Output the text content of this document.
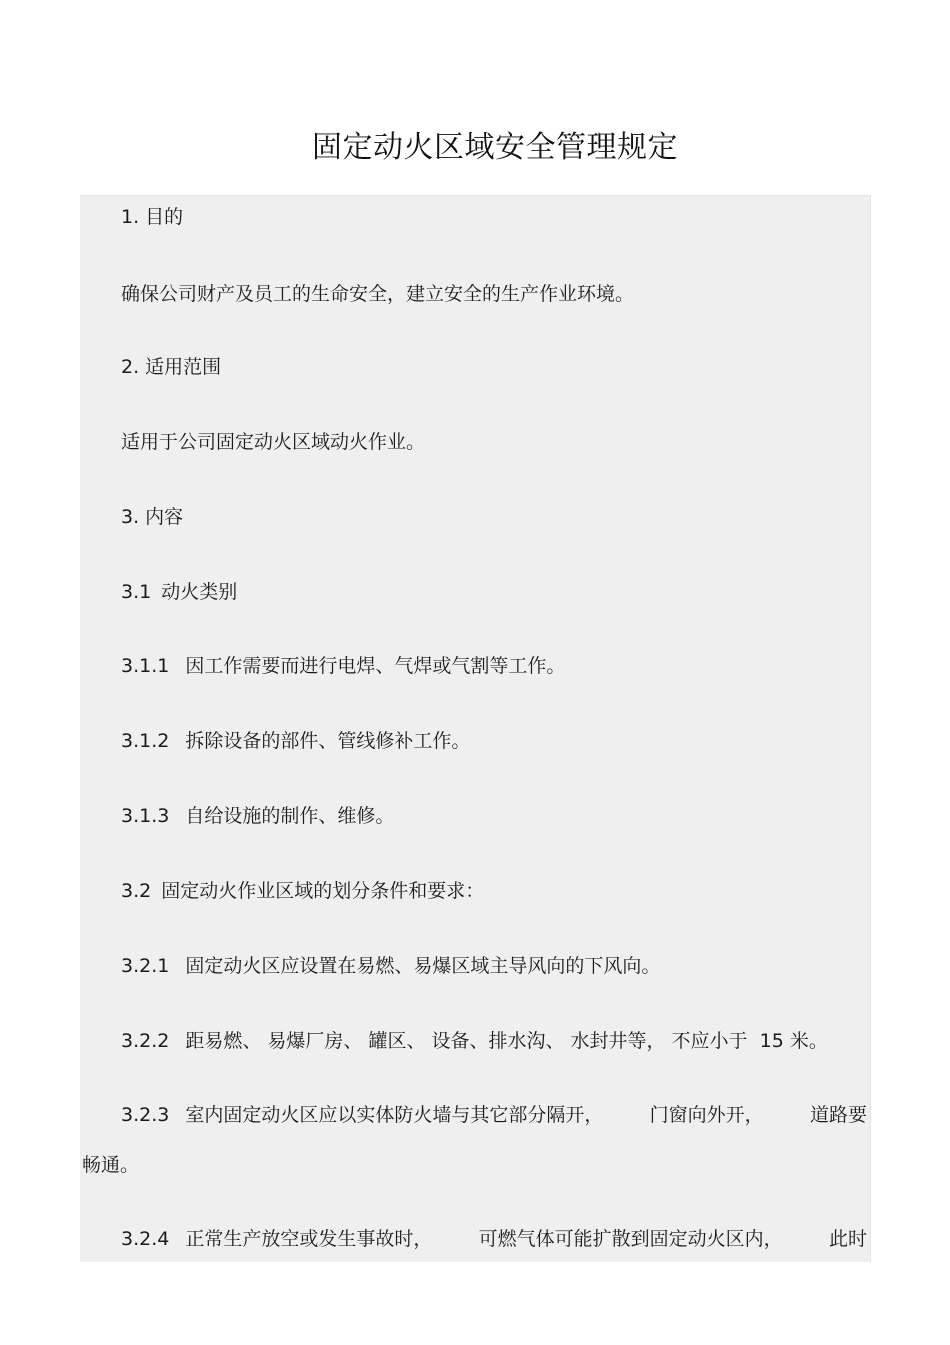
固定动火区域安全管理规定
1. 目的
确保公司财产及员工的生命安全，建立安全的生产作业环境。
2. 适用范围
适用于公司固定动火区域动火作业。
3. 内容
3.1 动火类别
3.1.1 因工作需要而进行电焊、气焊或气割等工作。
3.1.2 拆除设备的部件、管线修补工作。
3.1.3 自给设施的制作、维修。
3.2 固定动火作业区域的划分条件和要求：
3.2.1 固定动火区应设置在易燃、易爆区域主导风向的下风向。
3.2.2 距易燃、 易爆厂房、 罐区、 设备、排水沟、 水封井等， 不应小于  15 米。
3.2.3 室内固定动火区应以实体防火墙与其它部分隔开， 门窗向外开， 道路要
畅通。
3.2.4 正常生产放空或发生事故时， 可燃气体可能扩散到固定动火区内， 此时
